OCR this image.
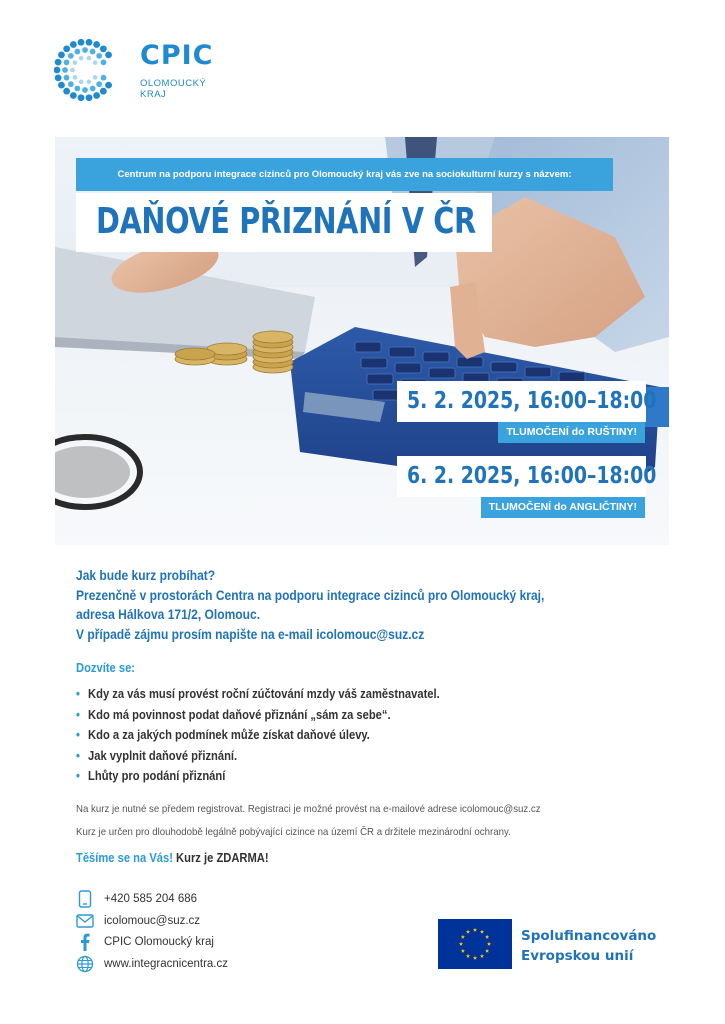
CPIC
OLOMOUCKÝ
KRAJ
Centrum na podporu integrace cizinců pro Olomoucký kraj vás zve na sociokulturní kurzy s názvem:
DAŇOVÉ PŘIZNÁNÍ V ČR
5. 2. 2025, 16:00–18:00
TLUMOČENÍ do RUŠTINY!
6. 2. 2025, 16:00–18:00
TLUMOČENÍ do ANGLIČTINY!
Jak bude kurz probíhat?
Prezenčně v prostorách Centra na podporu integrace cizinců pro Olomoucký kraj,
adresa Hálkova 171/2, Olomouc.
V případě zájmu prosím napište na e-mail icolomouc@suz.cz
Dozvíte se:
• Kdy za vás musí provést roční zúčtování mzdy váš zaměstnavatel.
• Kdo má povinnost podat daňové přiznání „sám za sebe“.
• Kdo a za jakých podmínek může získat daňové úlevy.
• Jak vyplnit daňové přiznání.
• Lhůty pro podání přiznání
Na kurz je nutné se předem registrovat. Registraci je možné provést na e-mailové adrese icolomouc@suz.cz
Kurz je určen pro dlouhodobě legálně pobývající cizince na území ČR a držitele mezinárodní ochrany.
Těšíme se na Vás! Kurz je ZDARMA!
+420 585 204 686
icolomouc@suz.cz
CPIC Olomoucký kraj
www.integracnicentra.cz
Spolufinancováno
Evropskou unií
